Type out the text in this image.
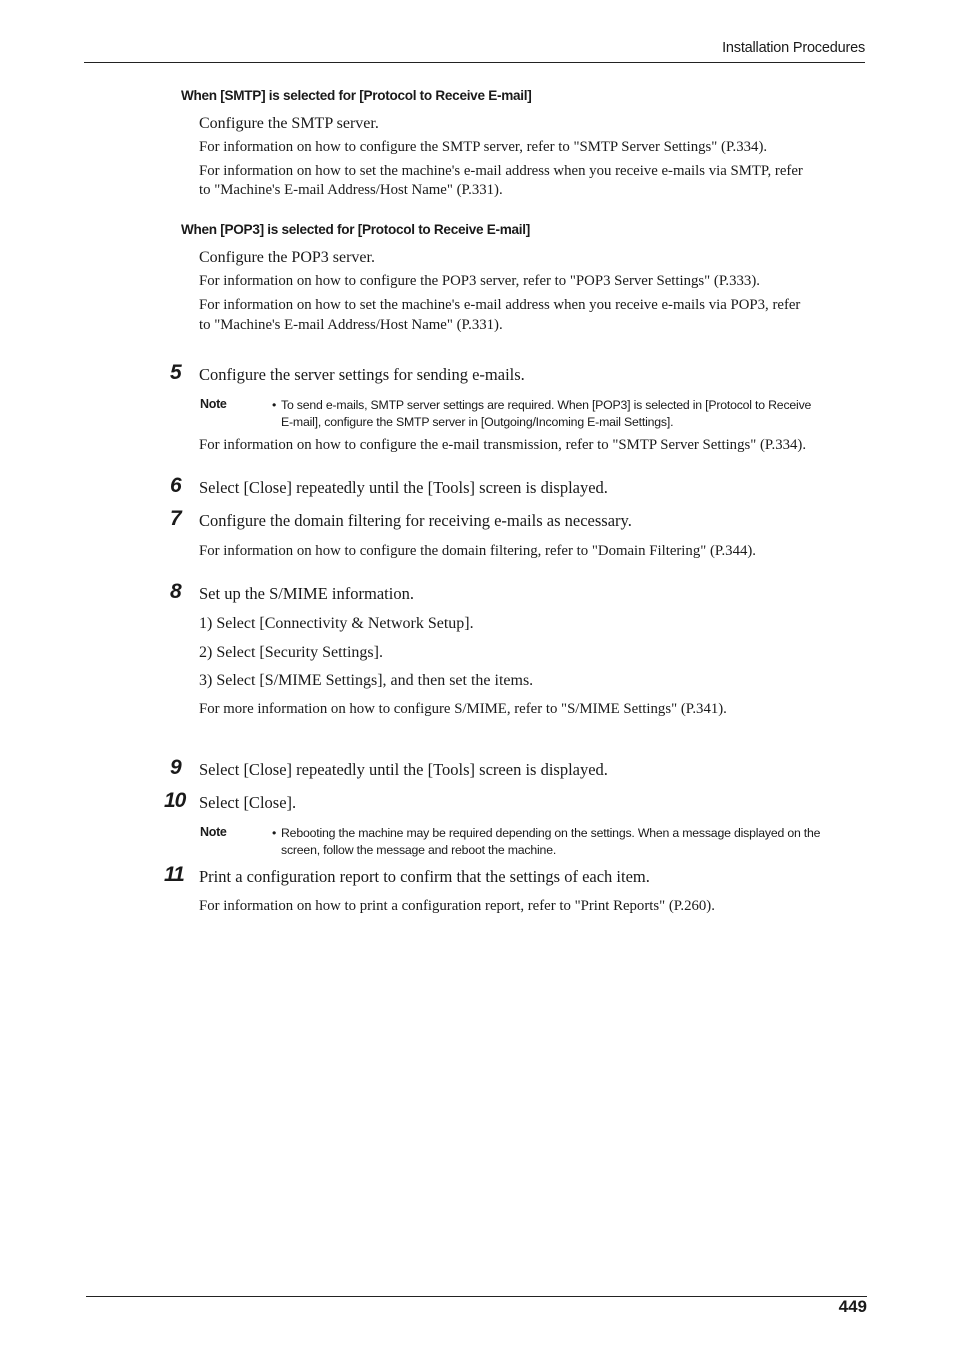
Installation Procedures
When [SMTP] is selected for [Protocol to Receive E-mail]
Configure the SMTP server.
For information on how to configure the SMTP server, refer to "SMTP Server Settings" (P.334).
For information on how to set the machine's e-mail address when you receive e-mails via SMTP, refer
to "Machine's E-mail Address/Host Name" (P.331).
When [POP3] is selected for [Protocol to Receive E-mail]
Configure the POP3 server.
For information on how to configure the POP3 server, refer to "POP3 Server Settings" (P.333).
For information on how to set the machine's e-mail address when you receive e-mails via POP3, refer
to "Machine's E-mail Address/Host Name" (P.331).
5 Configure the server settings for sending e-mails.
Note	• To send e-mails, SMTP server settings are required. When [POP3] is selected in [Protocol to Receive
E-mail], configure the SMTP server in [Outgoing/Incoming E-mail Settings].
For information on how to configure the e-mail transmission, refer to "SMTP Server Settings" (P.334).
6 Select [Close] repeatedly until the [Tools] screen is displayed.
7 Configure the domain filtering for receiving e-mails as necessary.
For information on how to configure the domain filtering, refer to "Domain Filtering" (P.344).
8 Set up the S/MIME information.
1) Select [Connectivity & Network Setup].
2) Select [Security Settings].
3) Select [S/MIME Settings], and then set the items.
For more information on how to configure S/MIME, refer to "S/MIME Settings" (P.341).
9 Select [Close] repeatedly until the [Tools] screen is displayed.
10 Select [Close].
Note	• Rebooting the machine may be required depending on the settings. When a message displayed on the
screen, follow the message and reboot the machine.
11 Print a configuration report to confirm that the settings of each item.
For information on how to print a configuration report, refer to "Print Reports" (P.260).
449
